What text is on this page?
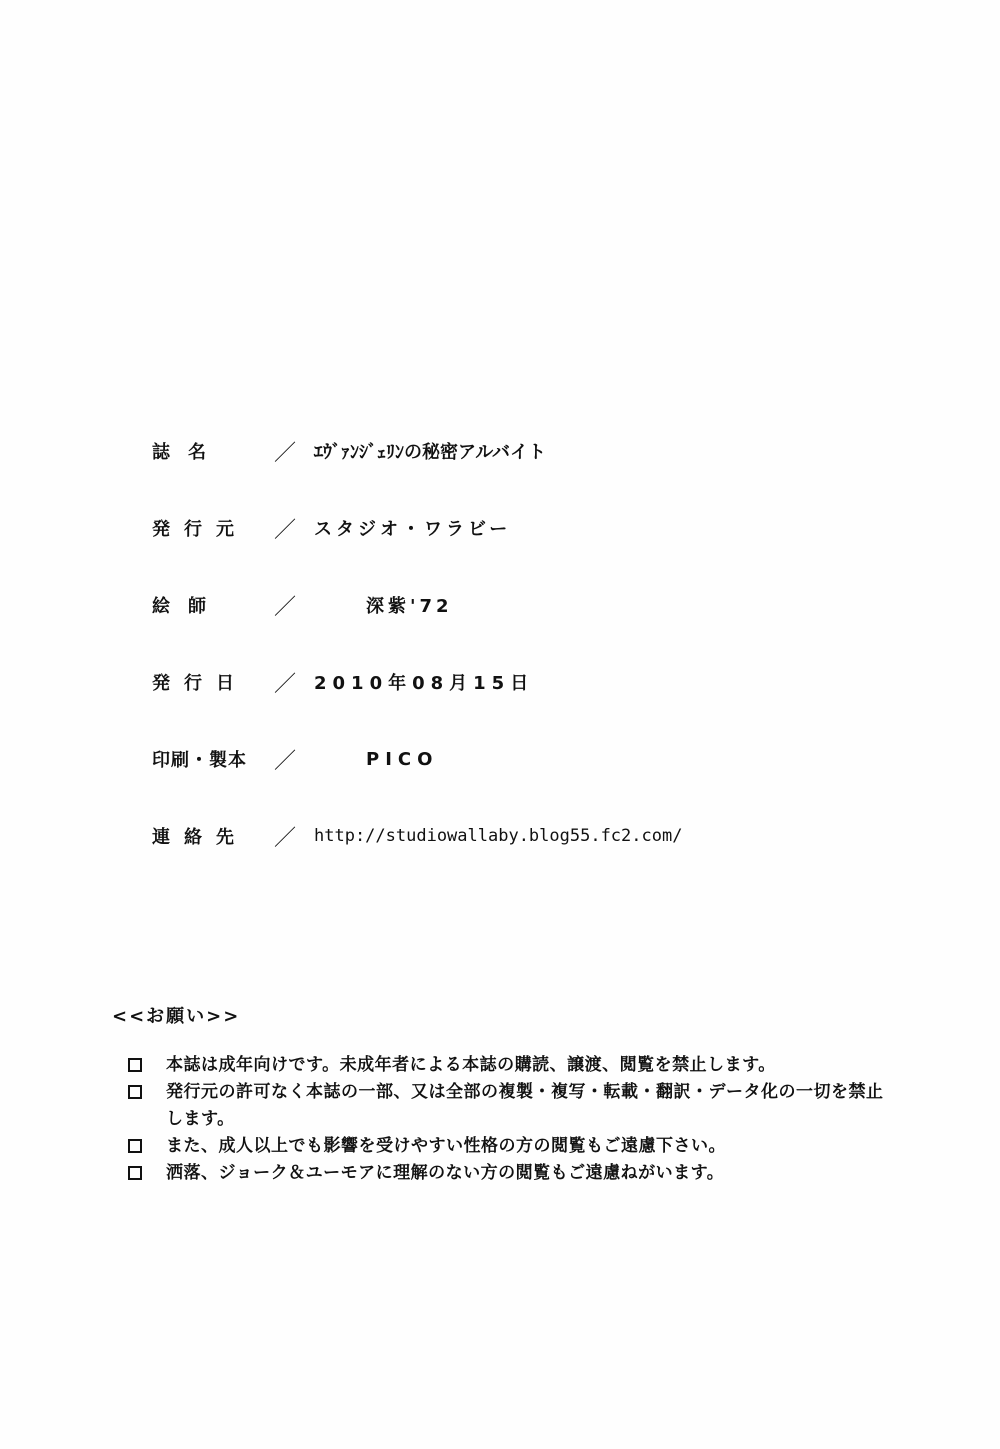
誌　名	／ ｴｳﾞｧﾝｼﾞｪﾘﾝの秘密アルバイト
発行元 ／ スタジオ・ワラビー
絵　師	／	深紫'72
発行日 ／ 2010年08月15日
印刷・製本 ／	PICO
連絡先 ／ http://studiowallaby.blog55.fc2.com/
<<お願い>>
本誌は成年向けです。未成年者による本誌の購読、譲渡、閲覧を禁止します。
発行元の許可なく本誌の一部、又は全部の複製・複写・転載・翻訳・データ化の一切を禁止します。
また、成人以上でも影響を受けやすい性格の方の閲覧もご遠慮下さい。
洒落、ジョーク＆ユーモアに理解のない方の閲覧もご遠慮ねがいます。
